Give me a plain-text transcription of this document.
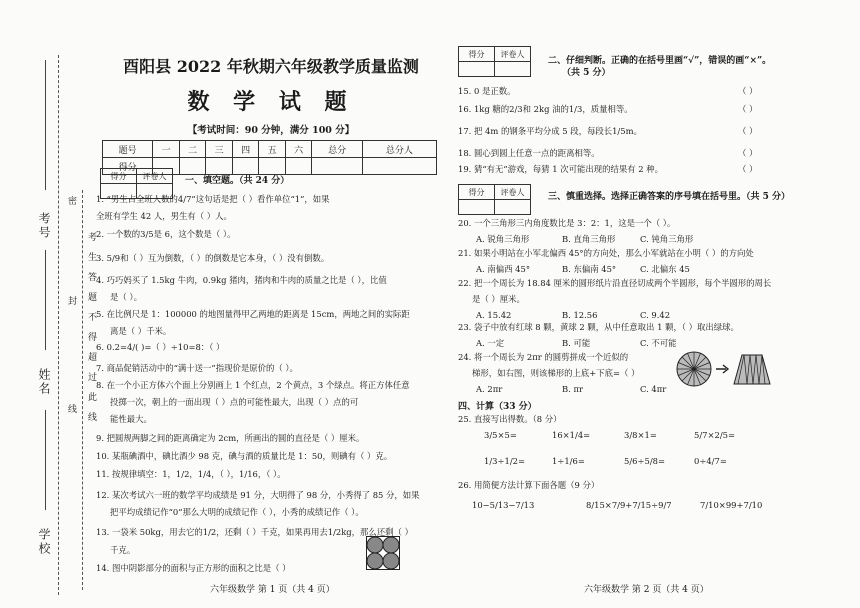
考号
姓名
学校
考
生
答
题
不
得
超
过
此
线
密
封
线
酉阳县 2022 年秋期六年级教学质量监测
数 学 试 题
【考试时间：90 分钟，满分 100 分】
题号	一	二	三	四	五	六	总分	总分人
得分								
得分	评卷人
	一、填空题。（共 24 分）
1. “男生占全班人数的4/7”这句话是把（ ）看作单位“1”，如果
全班有学生 42 人，男生有（ ）人。
2. 一个数的3/5是 6，这个数是（ ）。
3. 5/9和（ ）互为倒数，（ ）的倒数是它本身，（ ）没有倒数。
4. 巧巧妈买了 1.5kg 牛肉，0.9kg 猪肉，猪肉和牛肉的质量之比是（ ），比值
是（ ）。
5. 在比例尺是 1：100000 的地图量得甲乙两地的距离是 15cm，两地之间的实际距
离是（ ）千米。
6. 0.2=4/( )=（ ）÷10=8：（ ）
7. 商品促销活动中的“满十送一”指现价是原价的（ ）。
8. 在一个小正方体六个面上分别画上 1 个红点，2 个黄点，3 个绿点。将正方体任意
投掷一次，朝上的一面出现（ ）点的可能性最大，出现（ ）点的可
能性最大。
9. 把圆规两脚之间的距离确定为 2cm，所画出的圆的直径是（ ）厘米。
10. 某瓶碘酒中，碘比酒少 98 克，碘与酒的质量比是 1：50，则碘有（ ）克。
11. 按规律填空：1，1/2，1/4，（ ），1/16，（ ）。
12. 某次考试六一班的数学平均成绩是 91 分，大明得了 98 分，小秀得了 85 分，如果
把平均成绩记作“0”那么大明的成绩记作（ ），小秀的成绩记作（ ）。
13. 一袋米 50kg，用去它的1/2，还剩（ ）千克，如果再用去1/2kg，那么还剩（ ）
千克。
14. 图中阴影部分的面积与正方形的面积之比是（ ）
六年级数学 第 1 页（共 4 页）
得分	评卷人

二、仔细判断。正确的在括号里画“√”，错误的画“×”。
（共 5 分）
15. 0 是正数。	（ ）
16. 1kg 糖的2/3和 2kg 油的1/3，质量相等。	（ ）
17. 把 4m 的钢条平均分成 5 段，每段长1/5m。	（ ）
18. 圆心到圆上任意一点的距离相等。	（ ）
19. 猜“有无”游戏，每猜 1 次可能出现的结果有 2 种。	（ ）
得分	评卷人
		三、慎重选择。选择正确答案的序号填在括号里。（共 5 分）
20. 一个三角形三内角度数比是 3：2：1，这是一个（ ）。
A. 锐角三角形	B. 直角三角形	C. 钝角三角形
21. 如果小明站在小军北偏西 45°的方向处，那么小军就站在小明（ ）的方向处
A. 南偏西 45°	B. 东偏南 45°	C. 北偏东 45
22. 把一个周长为 18.84 厘米的圆形纸片沿直径切成两个半圆形，每个半圆形的周长
是（ ）厘米。
A. 15.42	B. 12.56	C. 9.42
23. 袋子中放有红球 8 颗，黄球 2 颗，从中任意取出 1 颗，（ ）取出绿球。
A. 一定	B. 可能	C. 不可能
24. 将一个周长为 2πr 的圆剪拼成一个近似的
梯形，如右图，则该梯形的上底+下底=（ ）
A. 2πr	B. πr	C. 4πr
四、计算（33 分）
25. 直接写出得数。（8 分）
3/5×5=	16×1/4=	3/8×1=	5/7×2/5=
1/3÷1/2=	1÷1/6=	5/6÷5/8=	0÷4/7=
10−5/13−7/13	8/15×7/9+7/15÷9/7	7/10×99+7/10
26. 用简便方法计算下面各题（9 分）
六年级数学 第 2 页（共 4 页）
